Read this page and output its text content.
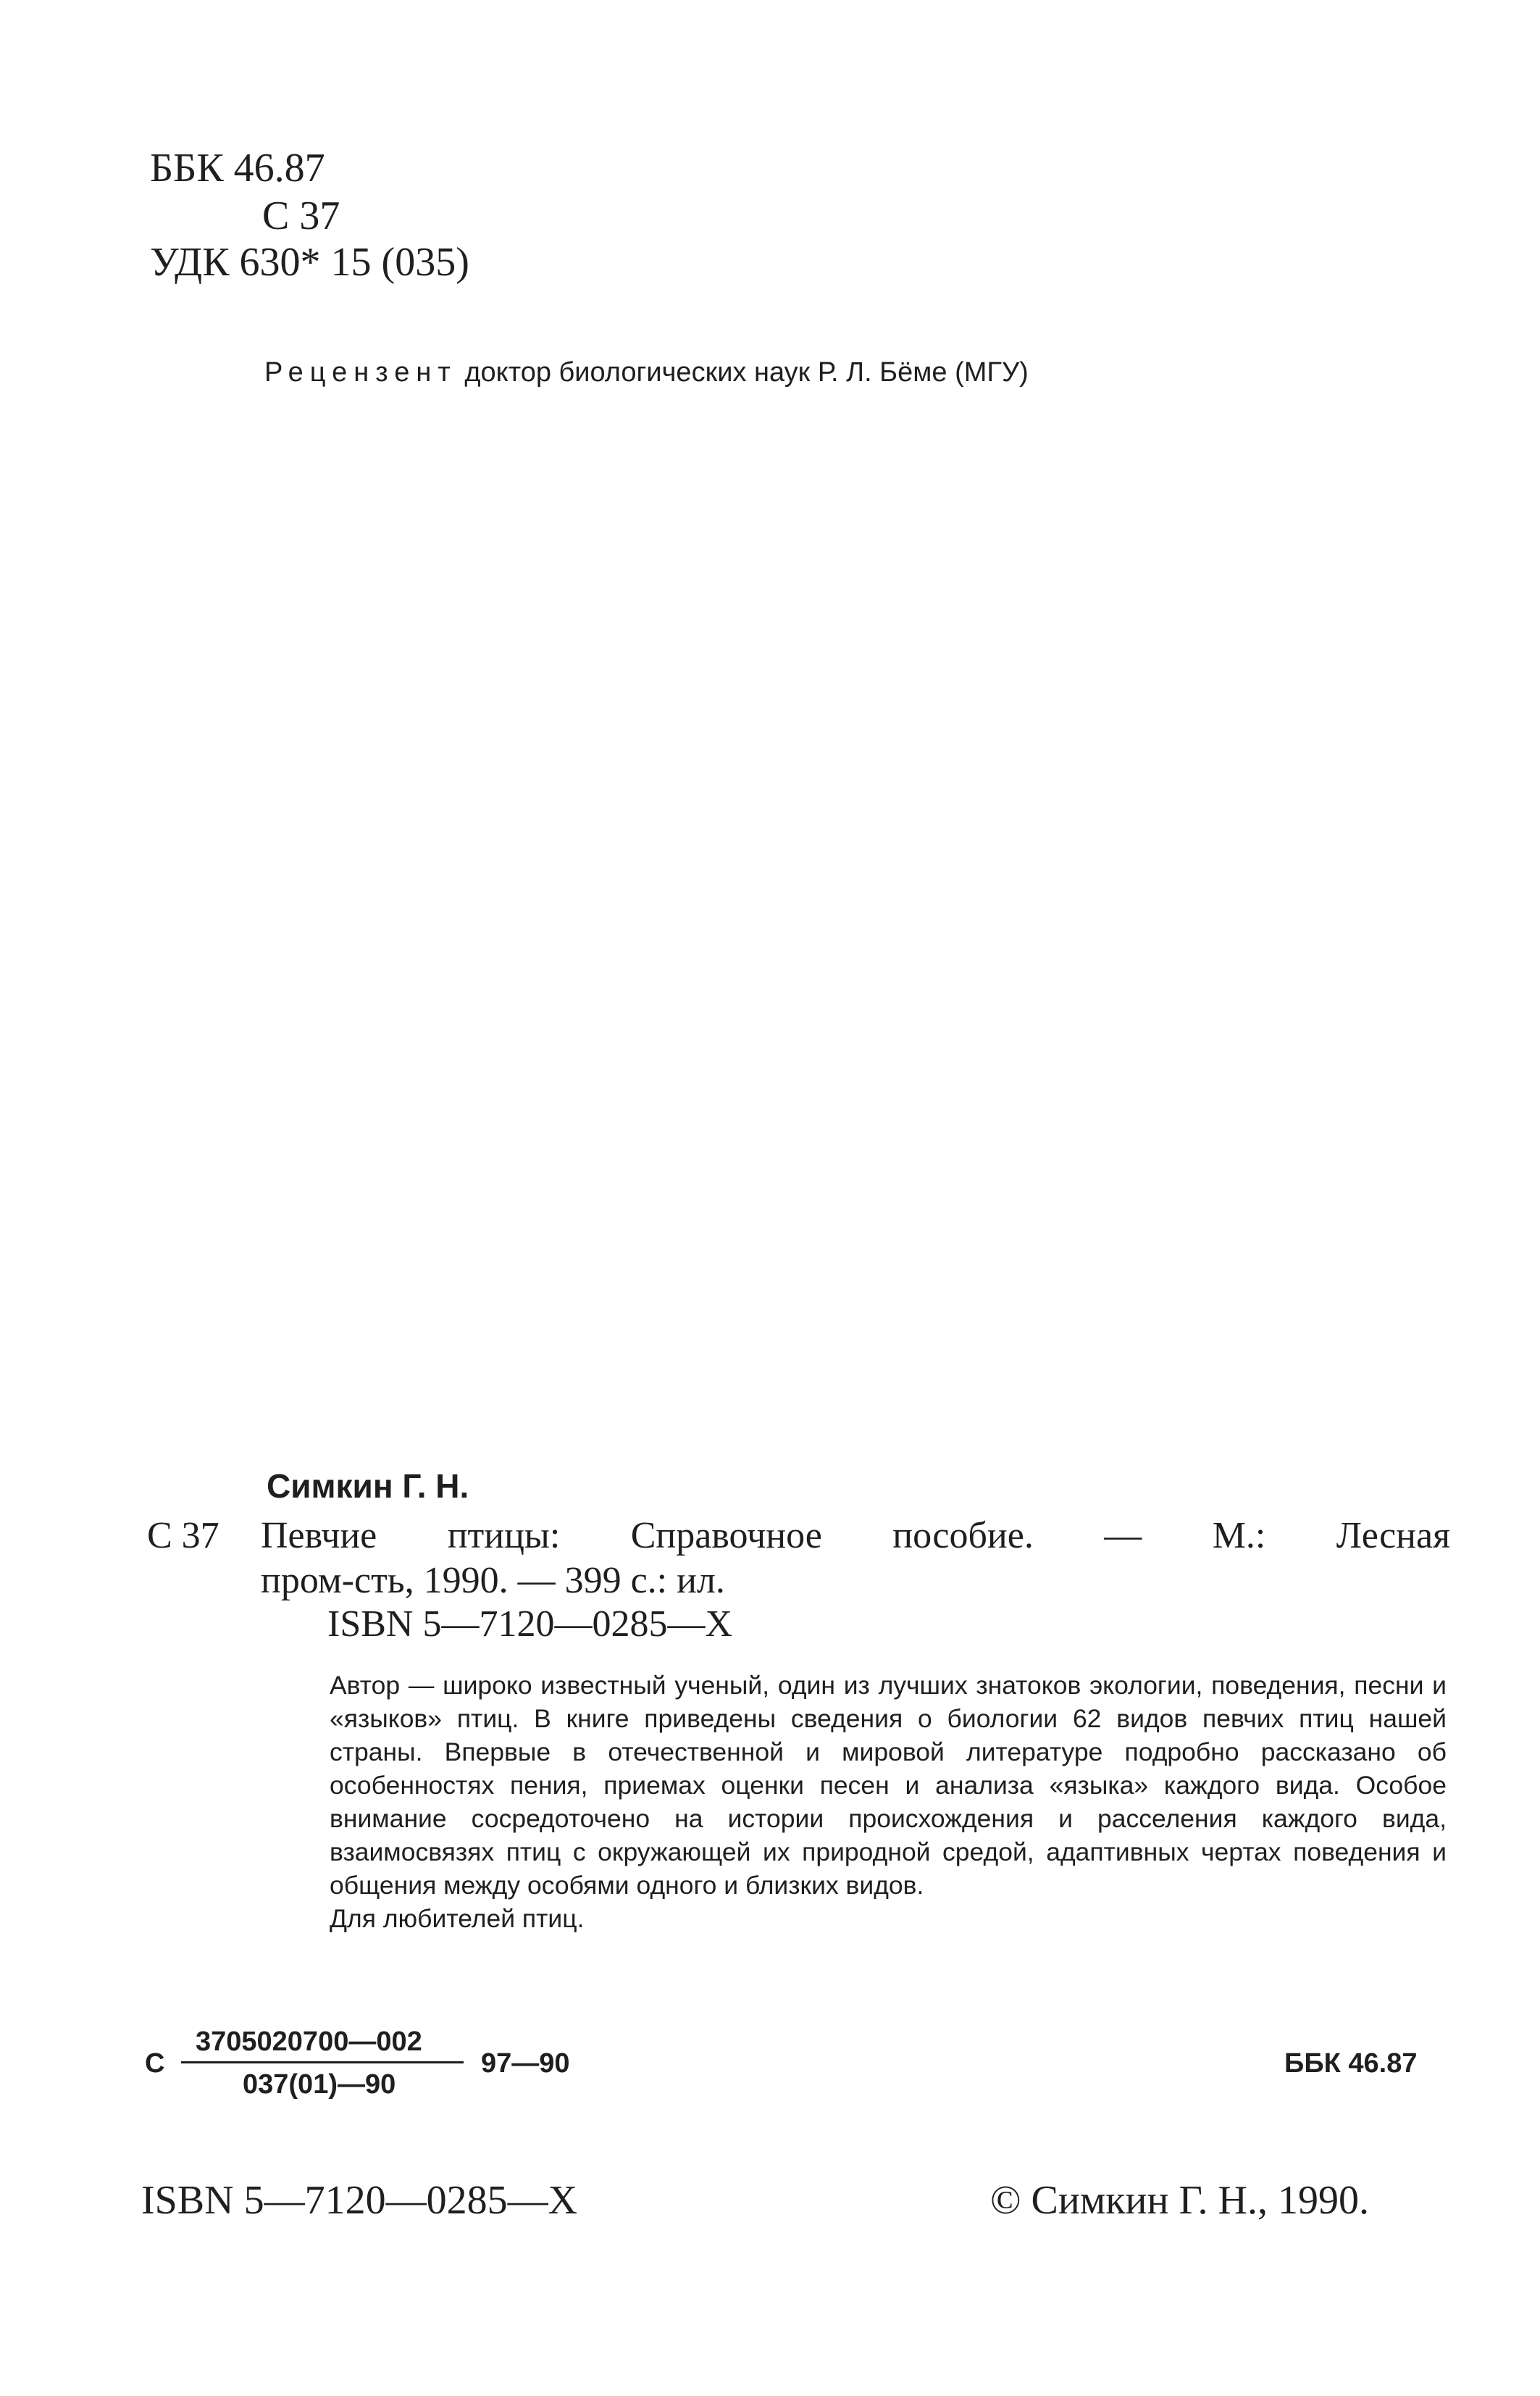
ББК 46.87
С 37
УДК 630* 15 (035)
Рецензент доктор биологических наук Р. Л. Бёме (МГУ)
Симкин Г. Н.
С 37 Певчие птицы: Справочное пособие. — М.: Лесная
пром-сть, 1990. — 399 с.: ил.
ISBN 5—7120—0285—X

Автор — широко известный ученый, один из лучших знатоков экологии, поведения, песни и «языков» птиц. В книге приведены сведения о биологии 62 видов певчих птиц нашей страны. Впервые в отечественной и мировой литературе подробно рассказано об особенностях пения, приемах оценки песен и анализа «языка» каждого вида. Особое внимание сосредоточено на истории происхождения и расселения каждого вида, взаимосвязях птиц с окружающей их природной средой, адаптивных чертах поведения и общения между особями одного и близких видов.

Для любителей птиц.

С
3705020700—002
037(01)—90
97—90	ББК 46.87
ISBN 5—7120—0285—X	© Симкин Г. Н., 1990.
